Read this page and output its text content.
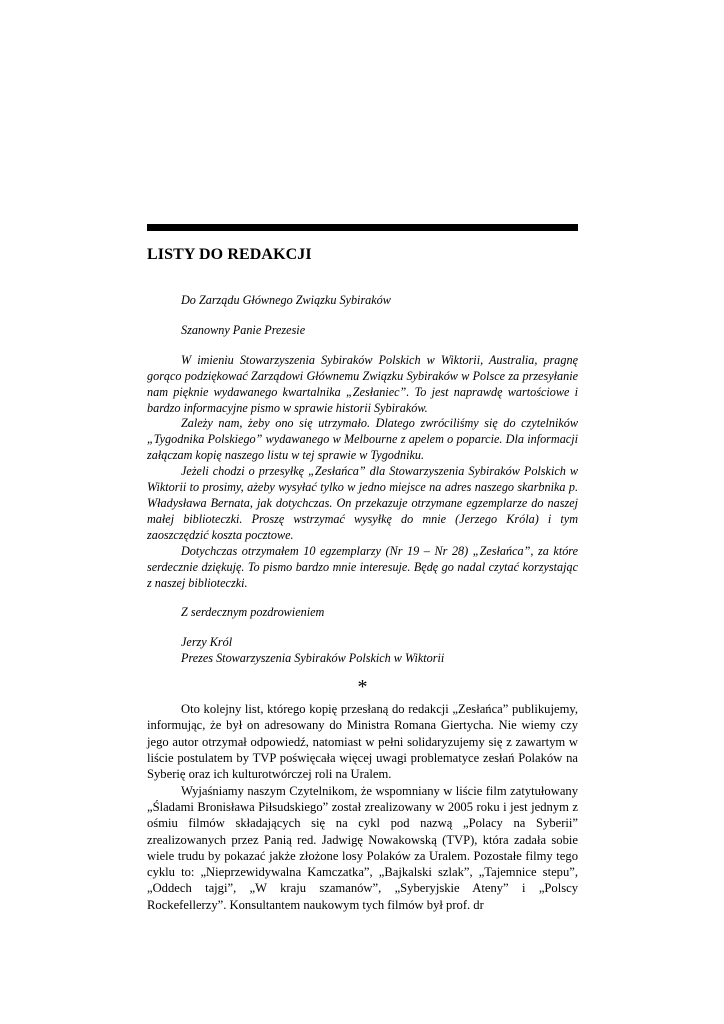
LISTY DO REDAKCJI
Do Zarządu Głównego Związku Sybiraków
Szanowny Panie Prezesie

W imieniu Stowarzyszenia Sybiraków Polskich w Wiktorii, Australia, pragnę gorąco podziękować Zarządowi Głównemu Związku Sybiraków w Polsce za przesyłanie nam pięknie wydawanego kwartalnika „Zesłaniec”. To jest naprawdę wartościowe i bardzo informacyjne pismo w sprawie historii Sybiraków.

Zależy nam, żeby ono się utrzymało. Dlatego zwróciliśmy się do czytelników „Tygodnika Polskiego” wydawanego w Melbourne z apelem o poparcie. Dla informacji załączam kopię naszego listu w tej sprawie w Tygodniku.

Jeżeli chodzi o przesyłkę „Zesłańca” dla Stowarzyszenia Sybiraków Polskich w Wiktorii to prosimy, ażeby wysyłać tylko w jedno miejsce na adres naszego skarbnika p. Władysława Bernata, jak dotychczas. On przekazuje otrzymane egzemplarze do naszej małej biblioteczki. Proszę wstrzymać wysyłkę do mnie (Jerzego Króla) i tym zaoszczędzić koszta pocztowe.

Dotychczas otrzymałem 10 egzemplarzy (Nr 19 – Nr 28) „Zesłańca”, za które serdecznie dziękuję. To pismo bardzo mnie interesuje. Będę go nadal czytać korzystając z naszej biblioteczki.

Z serdecznym pozdrowieniem
Jerzy Król
Prezes Stowarzyszenia Sybiraków Polskich w Wiktorii
*

Oto kolejny list, którego kopię przesłaną do redakcji „Zesłańca” publikujemy, informując, że był on adresowany do Ministra Romana Giertycha. Nie wiemy czy jego autor otrzymał odpowiedź, natomiast w pełni solidaryzujemy się z zawartym w liście postulatem by TVP poświęcała więcej uwagi problematyce zesłań Polaków na Syberię oraz ich kulturotwórczej roli na Uralem.

Wyjaśniamy naszym Czytelnikom, że wspomniany w liście film zatytułowany „Śladami Bronisława Piłsudskiego” został zrealizowany w 2005 roku i jest jednym z ośmiu filmów składających się na cykl pod nazwą „Polacy na Syberii” zrealizowanych przez Panią red. Jadwigę Nowakowską (TVP), która zadała sobie wiele trudu by pokazać jakże złożone losy Polaków za Uralem. Pozostałe filmy tego cyklu to: „Nieprzewidywalna Kamczatka”, „Bajkalski szlak”, „Tajemnice stepu”, „Oddech tajgi”, „W kraju szamanów”, „Syberyjskie Ateny” i „Polscy Rockefellerzy”. Konsultantem naukowym tych filmów był prof. dr
